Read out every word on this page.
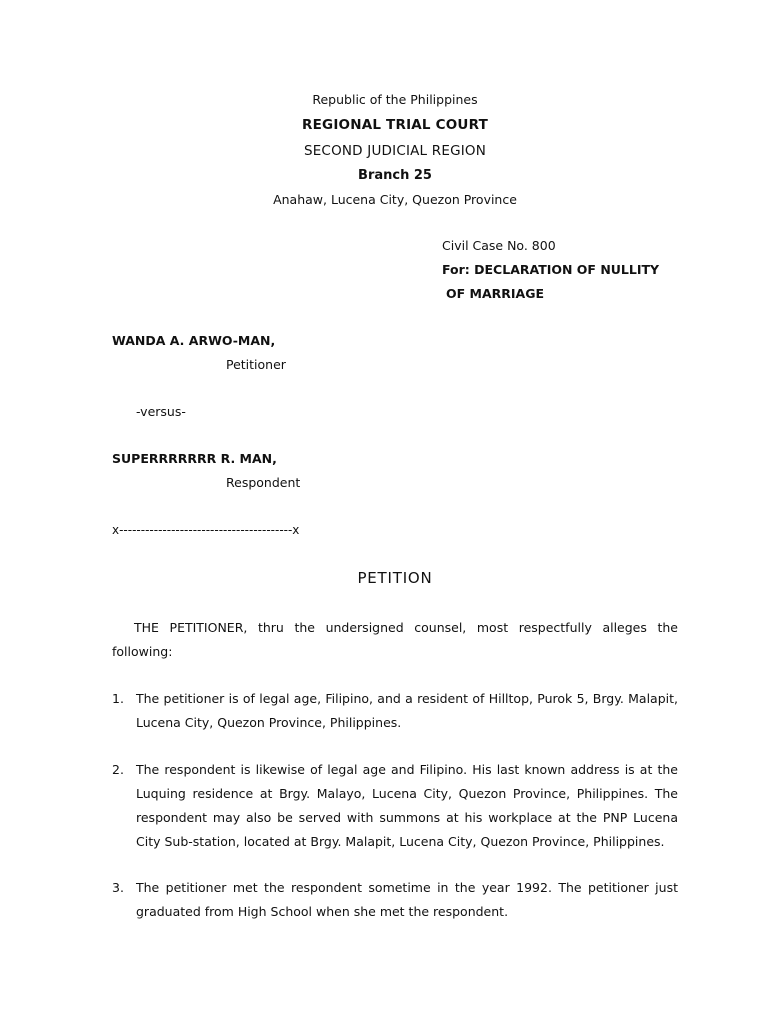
Republic of the Philippines
REGIONAL TRIAL COURT
SECOND JUDICIAL REGION
Branch 25
Anahaw, Lucena City, Quezon Province
Civil Case No. 800
For: DECLARATION OF NULLITY
OF MARRIAGE
WANDA A. ARWO-MAN,
Petitioner
-versus-
SUPERRRRRRR R. MAN,
Respondent
x----------------------------------------x
PETITION
THE PETITIONER, thru the undersigned counsel, most respectfully alleges the following:
1. The petitioner is of legal age, Filipino, and a resident of Hilltop, Purok 5, Brgy. Malapit, Lucena City, Quezon Province, Philippines.
2. The respondent is likewise of legal age and Filipino. His last known address is at the Luquing residence at Brgy. Malayo, Lucena City, Quezon Province, Philippines. The respondent may also be served with summons at his workplace at the PNP Lucena City Sub-station, located at Brgy. Malapit, Lucena City, Quezon Province, Philippines.
3. The petitioner met the respondent sometime in the year 1992. The petitioner just graduated from High School when she met the respondent.
